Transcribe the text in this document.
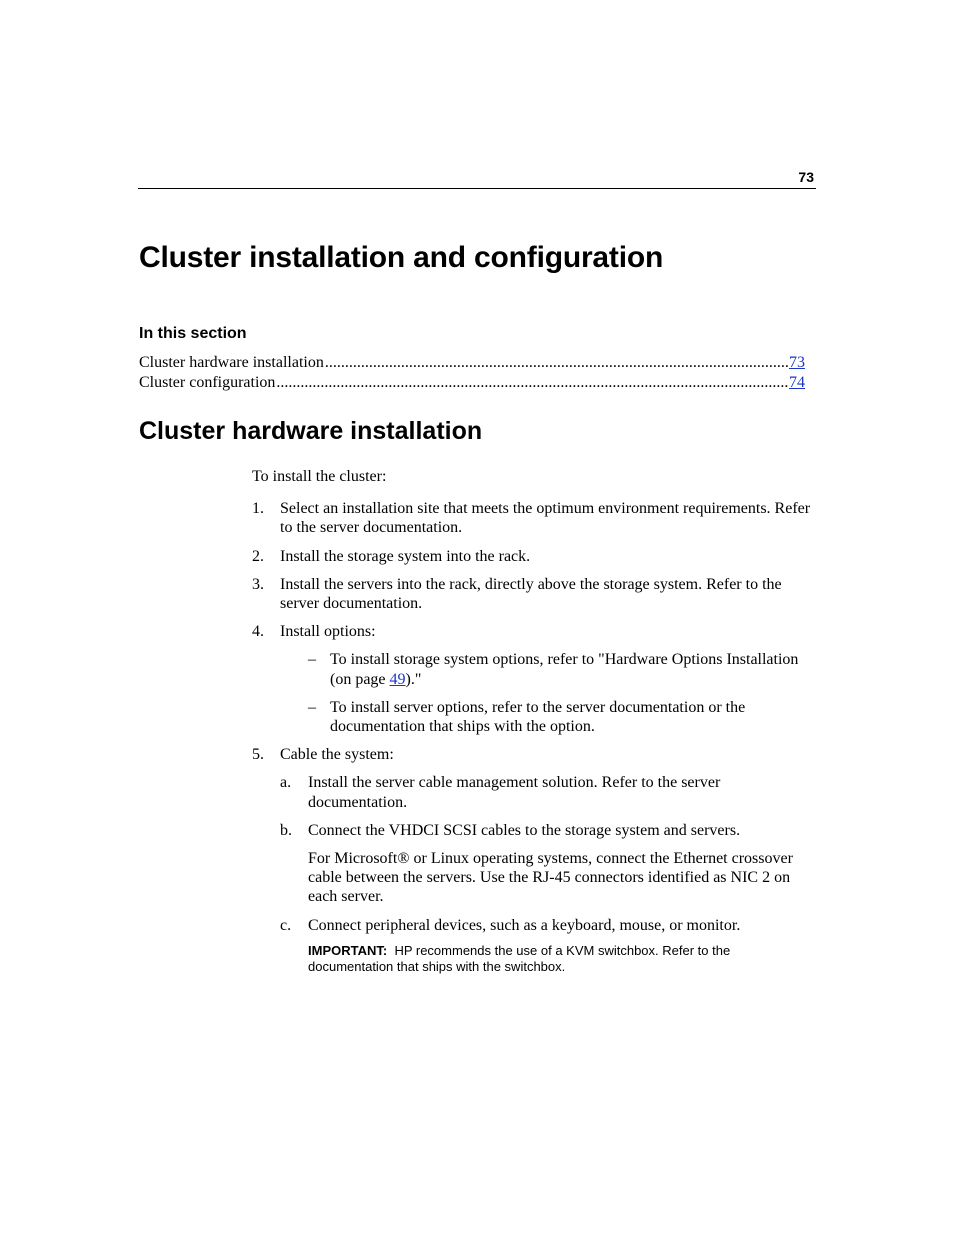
73
Cluster installation and configuration
In this section
Cluster hardware installation .....	73
Cluster configuration .....	74
Cluster hardware installation

To install the cluster:

1. Select an installation site that meets the optimum environment requirements. Refer to the server documentation.
2. Install the storage system into the rack.
3. Install the servers into the rack, directly above the storage system. Refer to the server documentation.
4. Install options:
– To install storage system options, refer to "Hardware Options Installation (on page 49)."
– To install server options, refer to the server documentation or the documentation that ships with the option.
5. Cable the system:
a. Install the server cable management solution. Refer to the server documentation.
b. Connect the VHDCI SCSI cables to the storage system and servers.

For Microsoft® or Linux operating systems, connect the Ethernet crossover cable between the servers. Use the RJ-45 connectors identified as NIC 2 on each server.

c. Connect peripheral devices, such as a keyboard, mouse, or monitor.
IMPORTANT: HP recommends the use of a KVM switchbox. Refer to the documentation that ships with the switchbox.
